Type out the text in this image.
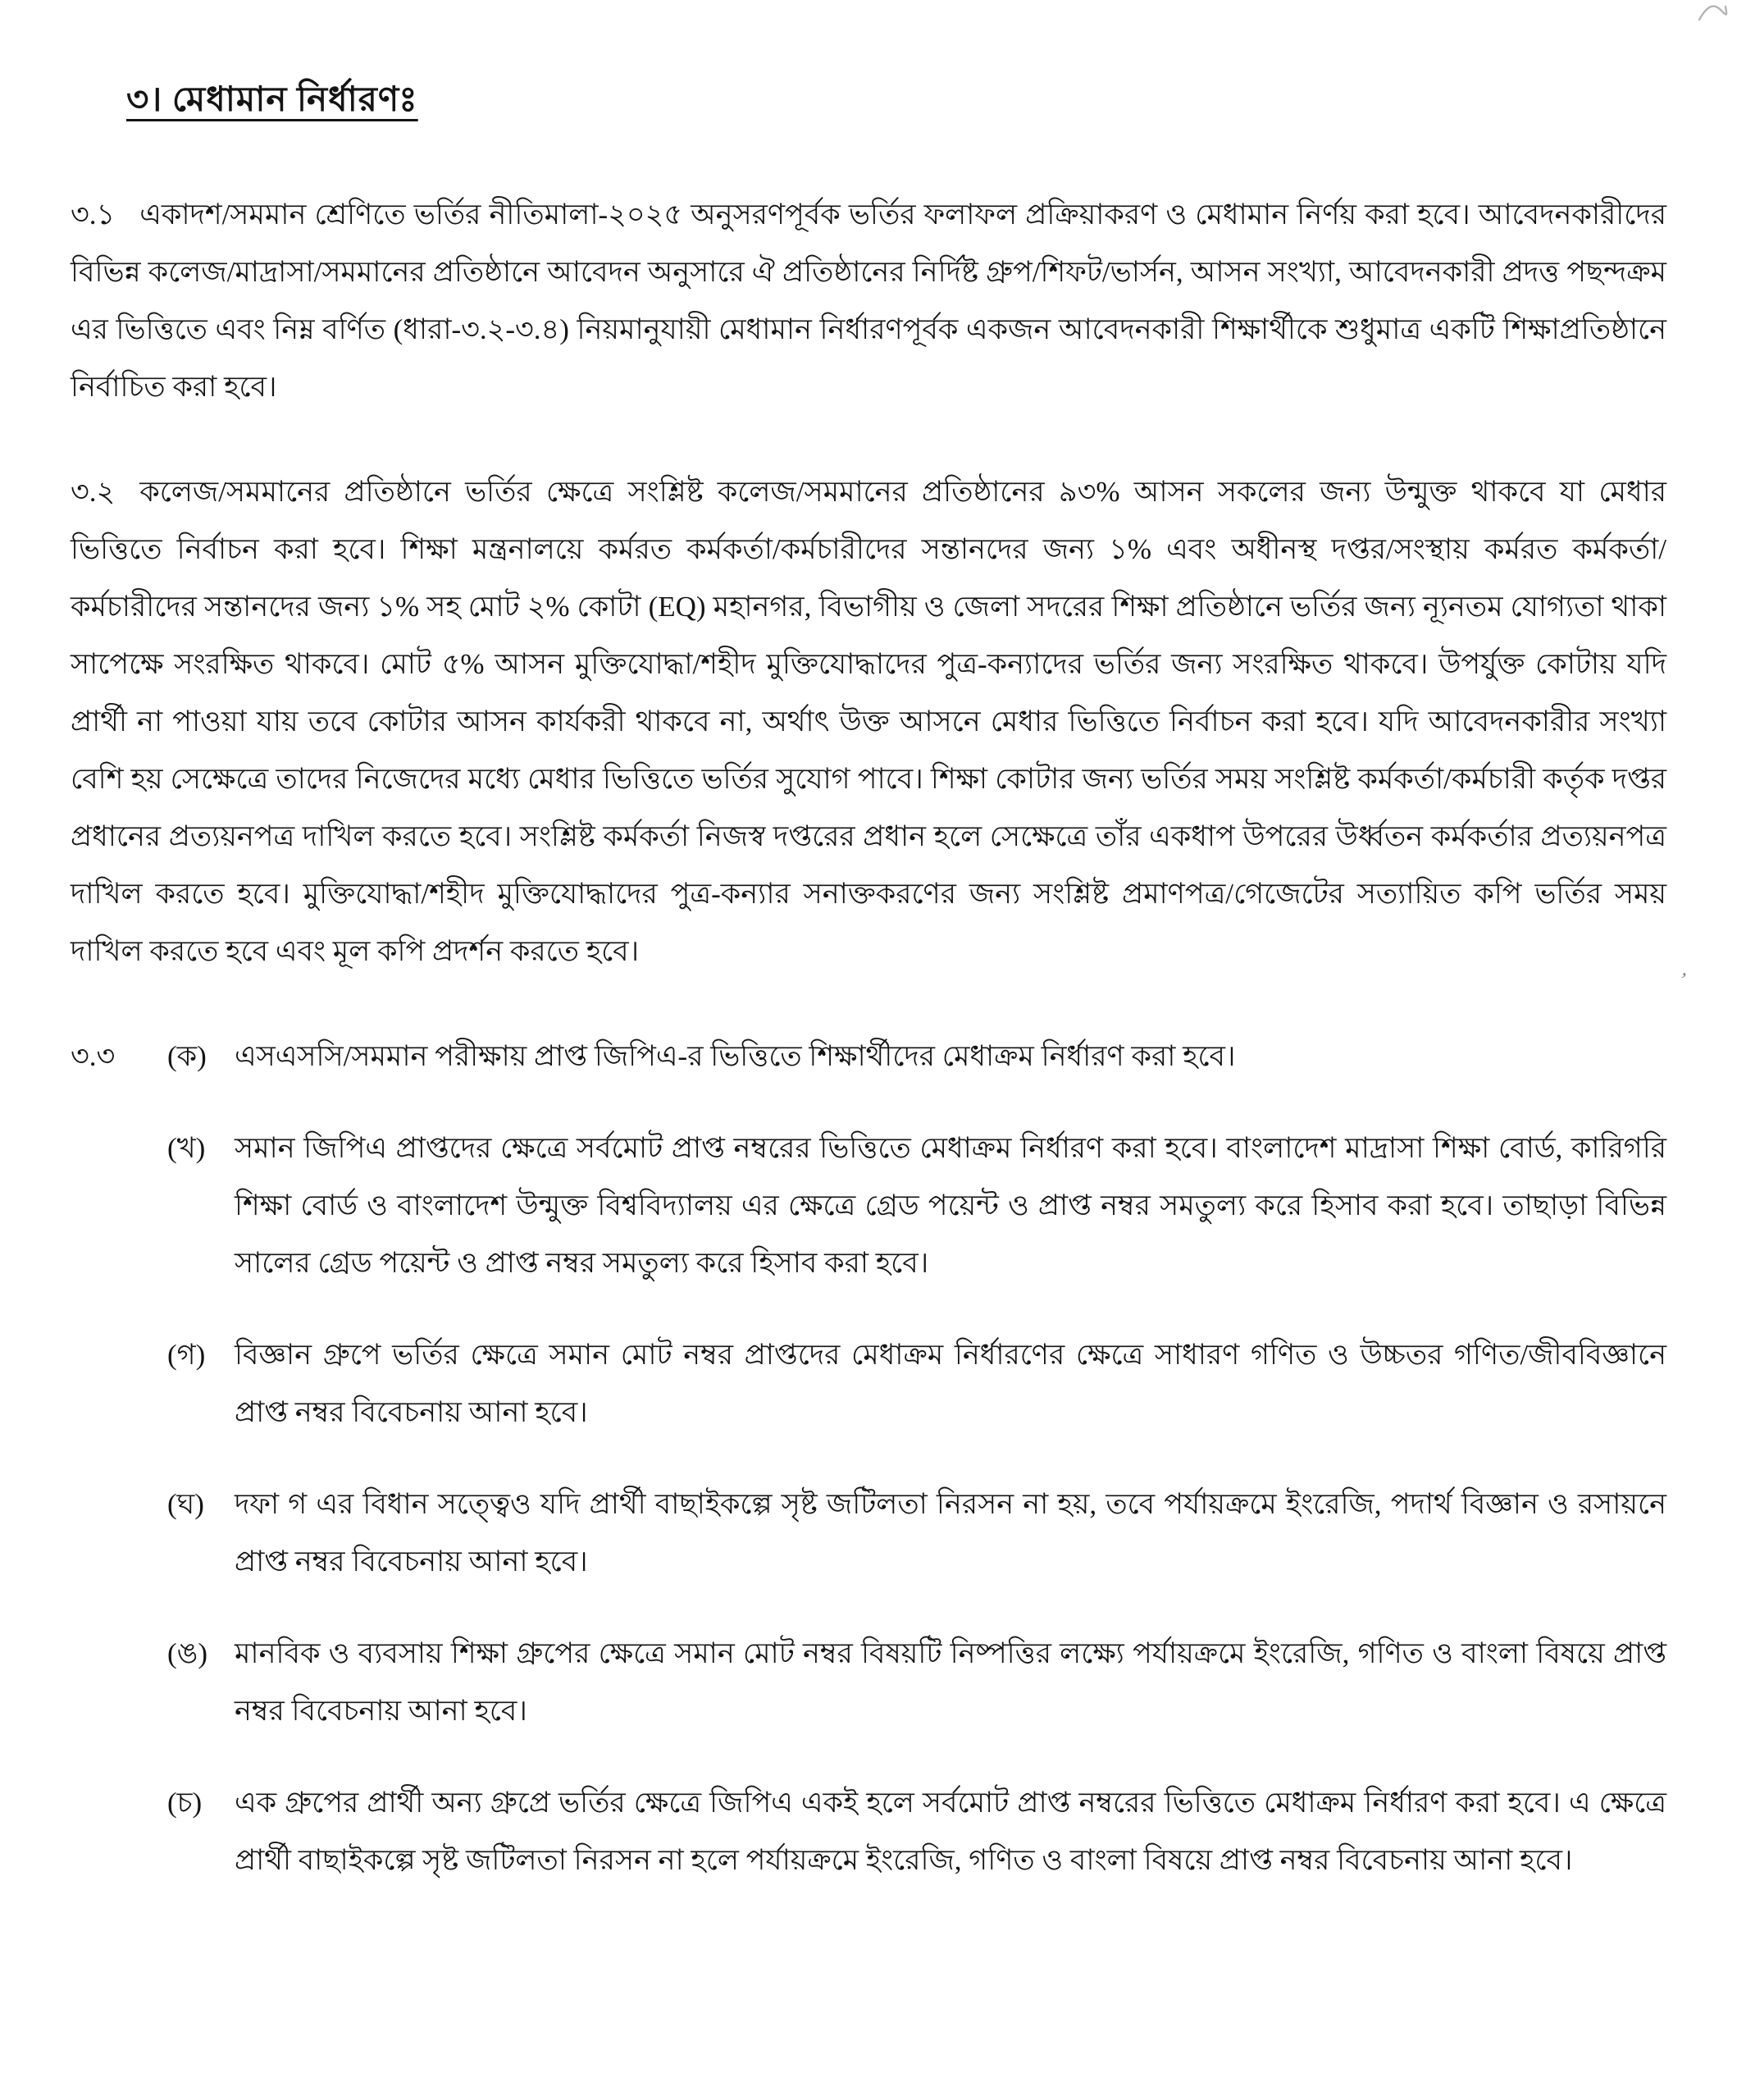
’
৩। মেধামান নির্ধারণঃ

৩.১ একাদশ/সমমান শ্রেণিতে ভর্তির নীতিমালা-২০২৫ অনুসরণপূর্বক ভর্তির ফলাফল প্রক্রিয়াকরণ ও মেধামান নির্ণয় করা হবে। আবেদনকারীদের বিভিন্ন কলেজ/মাদ্রাসা/সমমানের প্রতিষ্ঠানে আবেদন অনুসারে ঐ প্রতিষ্ঠানের নির্দিষ্ট গ্রুপ/শিফট/ভার্সন, আসন সংখ্যা, আবেদনকারী প্রদত্ত পছন্দক্রম এর ভিত্তিতে এবং নিম্ন বর্ণিত (ধারা-৩.২-৩.৪) নিয়মানুযায়ী মেধামান নির্ধারণপূর্বক একজন আবেদনকারী শিক্ষার্থীকে শুধুমাত্র একটি শিক্ষাপ্রতিষ্ঠানে নির্বাচিত করা হবে।

৩.২ কলেজ/সমমানের প্রতিষ্ঠানে ভর্তির ক্ষেত্রে সংশ্লিষ্ট কলেজ/সমমানের প্রতিষ্ঠানের ৯৩% আসন সকলের জন্য উন্মুক্ত থাকবে যা মেধার ভিত্তিতে নির্বাচন করা হবে। শিক্ষা মন্ত্রনালয়ে কর্মরত কর্মকর্তা/কর্মচারীদের সন্তানদের জন্য ১% এবং অধীনস্থ দপ্তর/সংস্থায় কর্মরত কর্মকর্তা/কর্মচারীদের সন্তানদের জন্য ১% সহ মোট ২% কোটা (EQ) মহানগর, বিভাগীয় ও জেলা সদরের শিক্ষা প্রতিষ্ঠানে ভর্তির জন্য ন্যূনতম যোগ্যতা থাকা সাপেক্ষে সংরক্ষিত থাকবে। মোট ৫% আসন মুক্তিযোদ্ধা/শহীদ মুক্তিযোদ্ধাদের পুত্র-কন্যাদের ভর্তির জন্য সংরক্ষিত থাকবে। উপর্যুক্ত কোটায় যদি প্রার্থী না পাওয়া যায় তবে কোটার আসন কার্যকরী থাকবে না, অর্থাৎ উক্ত আসনে মেধার ভিত্তিতে নির্বাচন করা হবে। যদি আবেদনকারীর সংখ্যা বেশি হয় সেক্ষেত্রে তাদের নিজেদের মধ্যে মেধার ভিত্তিতে ভর্তির সুযোগ পাবে। শিক্ষা কোটার জন্য ভর্তির সময় সংশ্লিষ্ট কর্মকর্তা/কর্মচারী কর্তৃক দপ্তর প্রধানের প্রত্যয়নপত্র দাখিল করতে হবে। সংশ্লিষ্ট কর্মকর্তা নিজস্ব দপ্তরের প্রধান হলে সেক্ষেত্রে তাঁর একধাপ উপরের উর্ধ্বতন কর্মকর্তার প্রত্যয়নপত্র দাখিল করতে হবে। মুক্তিযোদ্ধা/শহীদ মুক্তিযোদ্ধাদের পুত্র-কন্যার সনাক্তকরণের জন্য সংশ্লিষ্ট প্রমাণপত্র/গেজেটের সত্যায়িত কপি ভর্তির সময় দাখিল করতে হবে এবং মূল কপি প্রদর্শন করতে হবে।

৩.৩	(ক) এসএসসি/সমমান পরীক্ষায় প্রাপ্ত জিপিএ-র ভিত্তিতে শিক্ষার্থীদের মেধাক্রম নির্ধারণ করা হবে।
(খ)	সমান জিপিএ প্রাপ্তদের ক্ষেত্রে সর্বমোট প্রাপ্ত নম্বরের ভিত্তিতে মেধাক্রম নির্ধারণ করা হবে। বাংলাদেশ মাদ্রাসা শিক্ষা বোর্ড, কারিগরি শিক্ষা বোর্ড ও বাংলাদেশ উন্মুক্ত বিশ্ববিদ্যালয় এর ক্ষেত্রে গ্রেড পয়েন্ট ও প্রাপ্ত নম্বর সমতুল্য করে হিসাব করা হবে। তাছাড়া বিভিন্ন সালের গ্রেড পয়েন্ট ও প্রাপ্ত নম্বর সমতুল্য করে হিসাব করা হবে।
(গ)	বিজ্ঞান গ্রুপে ভর্তির ক্ষেত্রে সমান মোট নম্বর প্রাপ্তদের মেধাক্রম নির্ধারণের ক্ষেত্রে সাধারণ গণিত ও উচ্চতর গণিত/জীববিজ্ঞানে প্রাপ্ত নম্বর বিবেচনায় আনা হবে।
(ঘ)	দফা গ এর বিধান সত্ত্বেও যদি প্রার্থী বাছাইকল্পে সৃষ্ট জটিলতা নিরসন না হয়, তবে পর্যায়ক্রমে ইংরেজি, পদার্থ বিজ্ঞান ও রসায়নে প্রাপ্ত নম্বর বিবেচনায় আনা হবে।
(ঙ) মানবিক ও ব্যবসায় শিক্ষা গ্রুপের ক্ষেত্রে সমান মোট নম্বর বিষয়টি নিষ্পত্তির লক্ষ্যে পর্যায়ক্রমে ইংরেজি, গণিত ও বাংলা বিষয়ে প্রাপ্ত নম্বর বিবেচনায় আনা হবে।
(চ)	এক গ্রুপের প্রার্থী অন্য গ্রুপ্রে ভর্তির ক্ষেত্রে জিপিএ একই হলে সর্বমোট প্রাপ্ত নম্বরের ভিত্তিতে মেধাক্রম নির্ধারণ করা হবে। এ ক্ষেত্রে প্রার্থী বাছাইকল্পে সৃষ্ট জটিলতা নিরসন না হলে পর্যায়ক্রমে ইংরেজি, গণিত ও বাংলা বিষয়ে প্রাপ্ত নম্বর বিবেচনায় আনা হবে।
